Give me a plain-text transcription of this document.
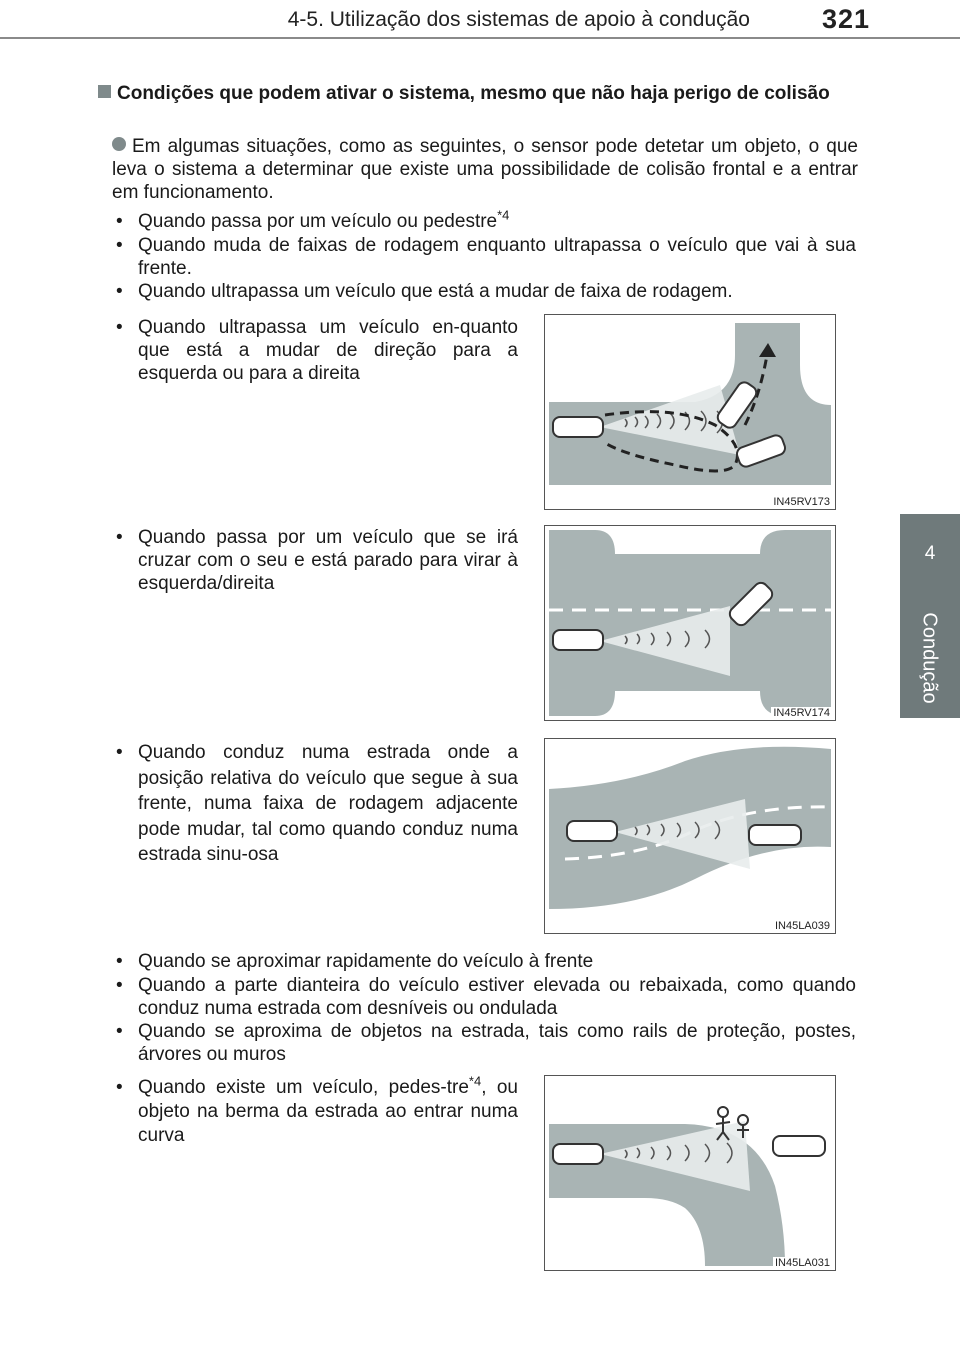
4-5. Utilização dos sistemas de apoio à condução	321
4
Condução
Condições que podem ativar o sistema, mesmo que não haja perigo de colisão
Em algumas situações, como as seguintes, o sensor pode detetar um objeto, o que leva o sistema a determinar que existe uma possibilidade de colisão frontal e a entrar em funcionamento.
• Quando passa por um veículo ou pedestre$^{*4}$
• Quando muda de faixas de rodagem enquanto ultrapassa o veículo que vai à sua frente.
• Quando ultrapassa um veículo que está a mudar de faixa de rodagem.
• Quando ultrapassa um veículo en-quanto que está a mudar de direção para a esquerda ou para a direita
IN45RV173
• Quando passa por um veículo que se irá cruzar com o seu e está parado para virar à esquerda/direita
IN45RV174
• Quando conduz numa estrada onde a posição relativa do veículo que segue à sua frente, numa faixa de rodagem adjacente pode mudar, tal como quando conduz numa estrada sinu-osa
IN45LA039
• Quando se aproximar rapidamente do veículo à frente
• Quando a parte dianteira do veículo estiver elevada ou rebaixada, como quando conduz numa estrada com desníveis ou ondulada
• Quando se aproxima de objetos na estrada, tais como rails de proteção, postes, árvores ou muros
• Quando existe um veículo, pedes-tre$^{*4}$, ou objeto na berma da estrada ao entrar numa curva
IN45LA031
